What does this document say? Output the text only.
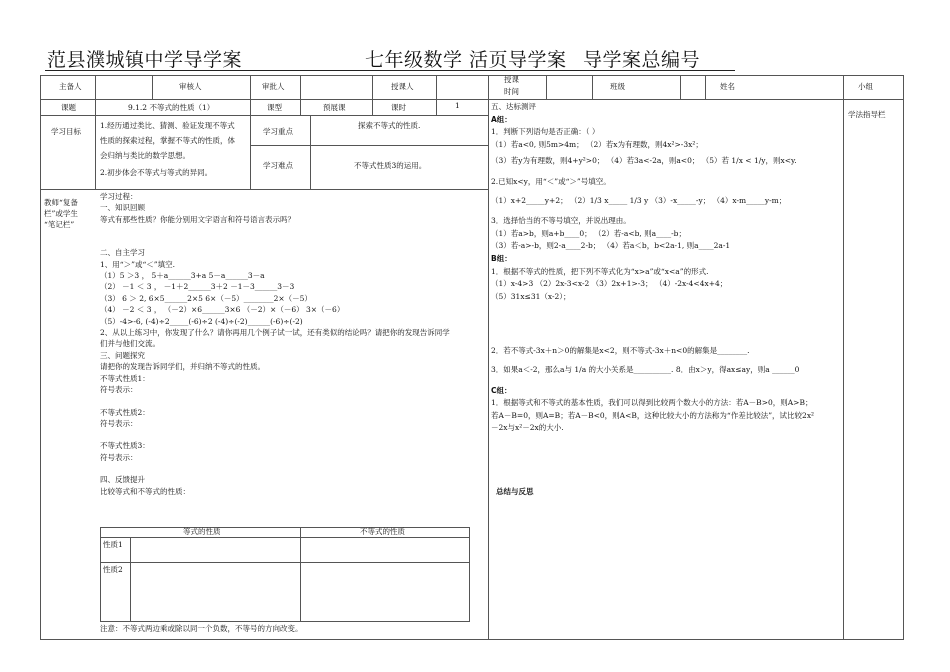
范县濮城镇中学导学案	七年级数学 活页导学案 导学案总编号
主备人	审核人	审批人	授课人
授课
时间
班级	姓名	小组
课题	9.1.2 不等式的性质（1）	课型	预展课	课时	1
学习目标
1.经历通过类比、猜测、验证发现不等式
性质的探索过程，掌握不等式的性质，体
会归纳与类比的数学思想。
2.初步体会不等式与等式的异同。
学习重点
探索不等式的性质.
学习难点	不等式性质3的运用。
教师“复备
栏”或学生
“笔记栏”
学习过程：
一、知识回顾
等式有那些性质？你能分别用文字语言和符号语言表示吗？
二、自主学习
1、用“＞”或“＜”填空.
（1）5 ＞3 ， 5＋a______3+a 5－a______3－a
（2） －1 ＜ 3 ， －1＋2______3＋2 －1－3______3－3
（3） 6 ＞ 2, 6×5______2×5 6×（－5）________2×（－5）
（4） －2 ＜ 3 ， （－2）×6______3×6 （－2）×（－6） 3×（－6）
（5）-4>-6, (-4)÷2_____(-6)÷2 (-4)÷(-2)______(-6)÷(-2)
2、从以上练习中，你发现了什么？请你再用几个例子试一试，还有类似的结论吗？请把你的发现告诉同学
们并与他们交流。
三、问题探究
请把你的发现告诉同学们，并归纳不等式的性质。
不等式性质1：
符号表示：
不等式性质2：
符号表示：
不等式性质3：
符号表示：
四、反馈提升
比较等式和不等式的性质：
等式的性质	不等式的性质
性质1
性质2
注意：不等式两边乘或除以同一个负数，不等号的方向改变。
五、达标测评
A组：
1．判断下列语句是否正确：（ ）
（1）若a<0, 则5m>4m； （2）若x为有理数，则4x²>-3x²；
（3）若y为有理数，则4+y²>0； （4）若3a<-2a，则a<0； （5）若 1/x < 1/y，则x<y.
2.已知x<y，用“＜”或“＞”号填空。
（1）x+2_____y+2； （2）1/3 x_____ 1/3 y （3）-x_____-y； （4）x-m_____y-m；
3．选择恰当的不等号填空，并说出理由。
（1）若a>b，则a+b____0； （2）若-a<b, 则a____-b；
（3）若-a>-b，则2-a____2-b； （4）若a＜b，b<2a-1, 则a____2a-1
B组：
1．根据不等式的性质，把下列不等式化为“x>a”或“x<a”的形式.
（1）x-4>3 （2）2x-3<x-2 （3）2x+1>-3； （4）-2x-4<4x+4；
（5）31x≤31（x-2）；
2．若不等式-3x＋n＞0的解集是x<2，则不等式-3x＋n<0的解集是________.
3．如果a＜-2，那么a与 1/a 的大小关系是__________. 8．由x＞y，得ax≤ay，则a ______0
C组：
1．根据等式和不等式的基本性质，我们可以得到比较两个数大小的方法：若A－B>0，则A>B；
若A－B=0，则A=B；若A－B<0，则A<B，这种比较大小的方法称为“作差比较法”，试比较2x²
－2x与x²－2x的大小.
总结与反思
学法指导栏
